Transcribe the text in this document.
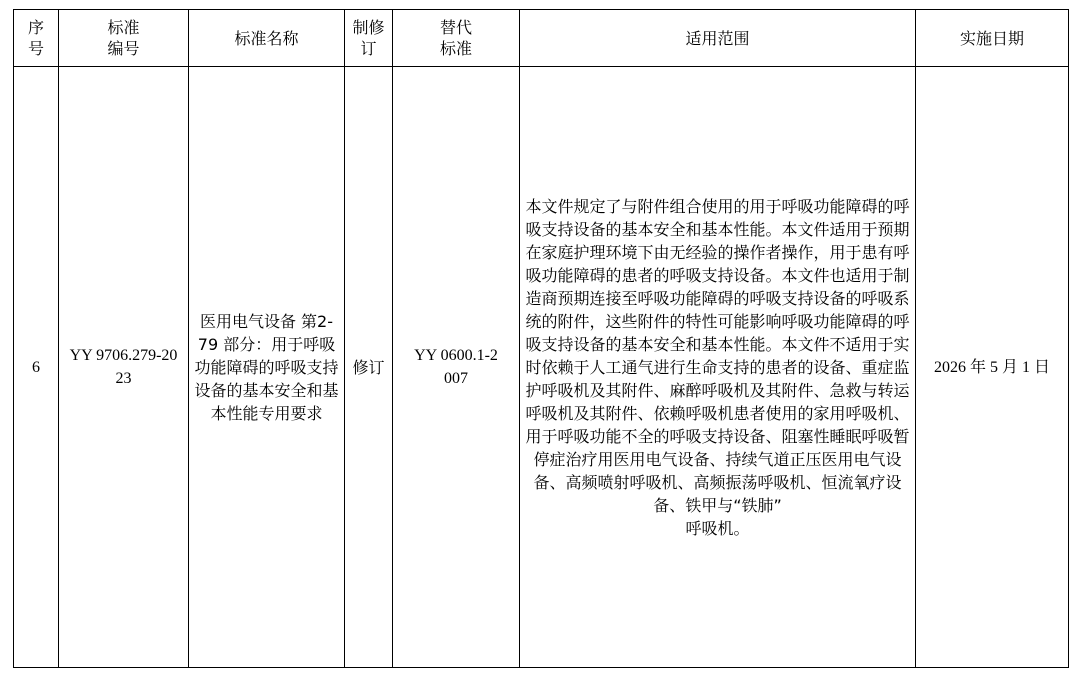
序号	标准编号	标准名称	制修订	替代标准	适用范围	实施日期
6	YY 9706.279-2023	医用电气设备 第2-79 部分：用于呼吸功能障碍的呼吸支持设备的基本安全和基本性能专用要求	修订	YY 0600.1-2007	本文件规定了与附件组合使用的用于呼吸功能障碍的呼吸支持设备的基本安全和基本性能。本文件适用于预期在家庭护理环境下由无经验的操作者操作，用于患有呼吸功能障碍的患者的呼吸支持设备。本文件也适用于制造商预期连接至呼吸功能障碍的呼吸支持设备的呼吸系统的附件，这些附件的特性可能影响呼吸功能障碍的呼吸支持设备的基本安全和基本性能。本文件不适用于实时依赖于人工通气进行生命支持的患者的设备、重症监护呼吸机及其附件、麻醉呼吸机及其附件、急救与转运呼吸机及其附件、依赖呼吸机患者使用的家用呼吸机、用于呼吸功能不全的呼吸支持设备、阻塞性睡眠呼吸暂停症治疗用医用电气设备、持续气道正压医用电气设备、高频喷射呼吸机、高频振荡呼吸机、恒流氧疗设备、铁甲与“铁肺”
呼吸机。	2026 年 5 月 1 日
